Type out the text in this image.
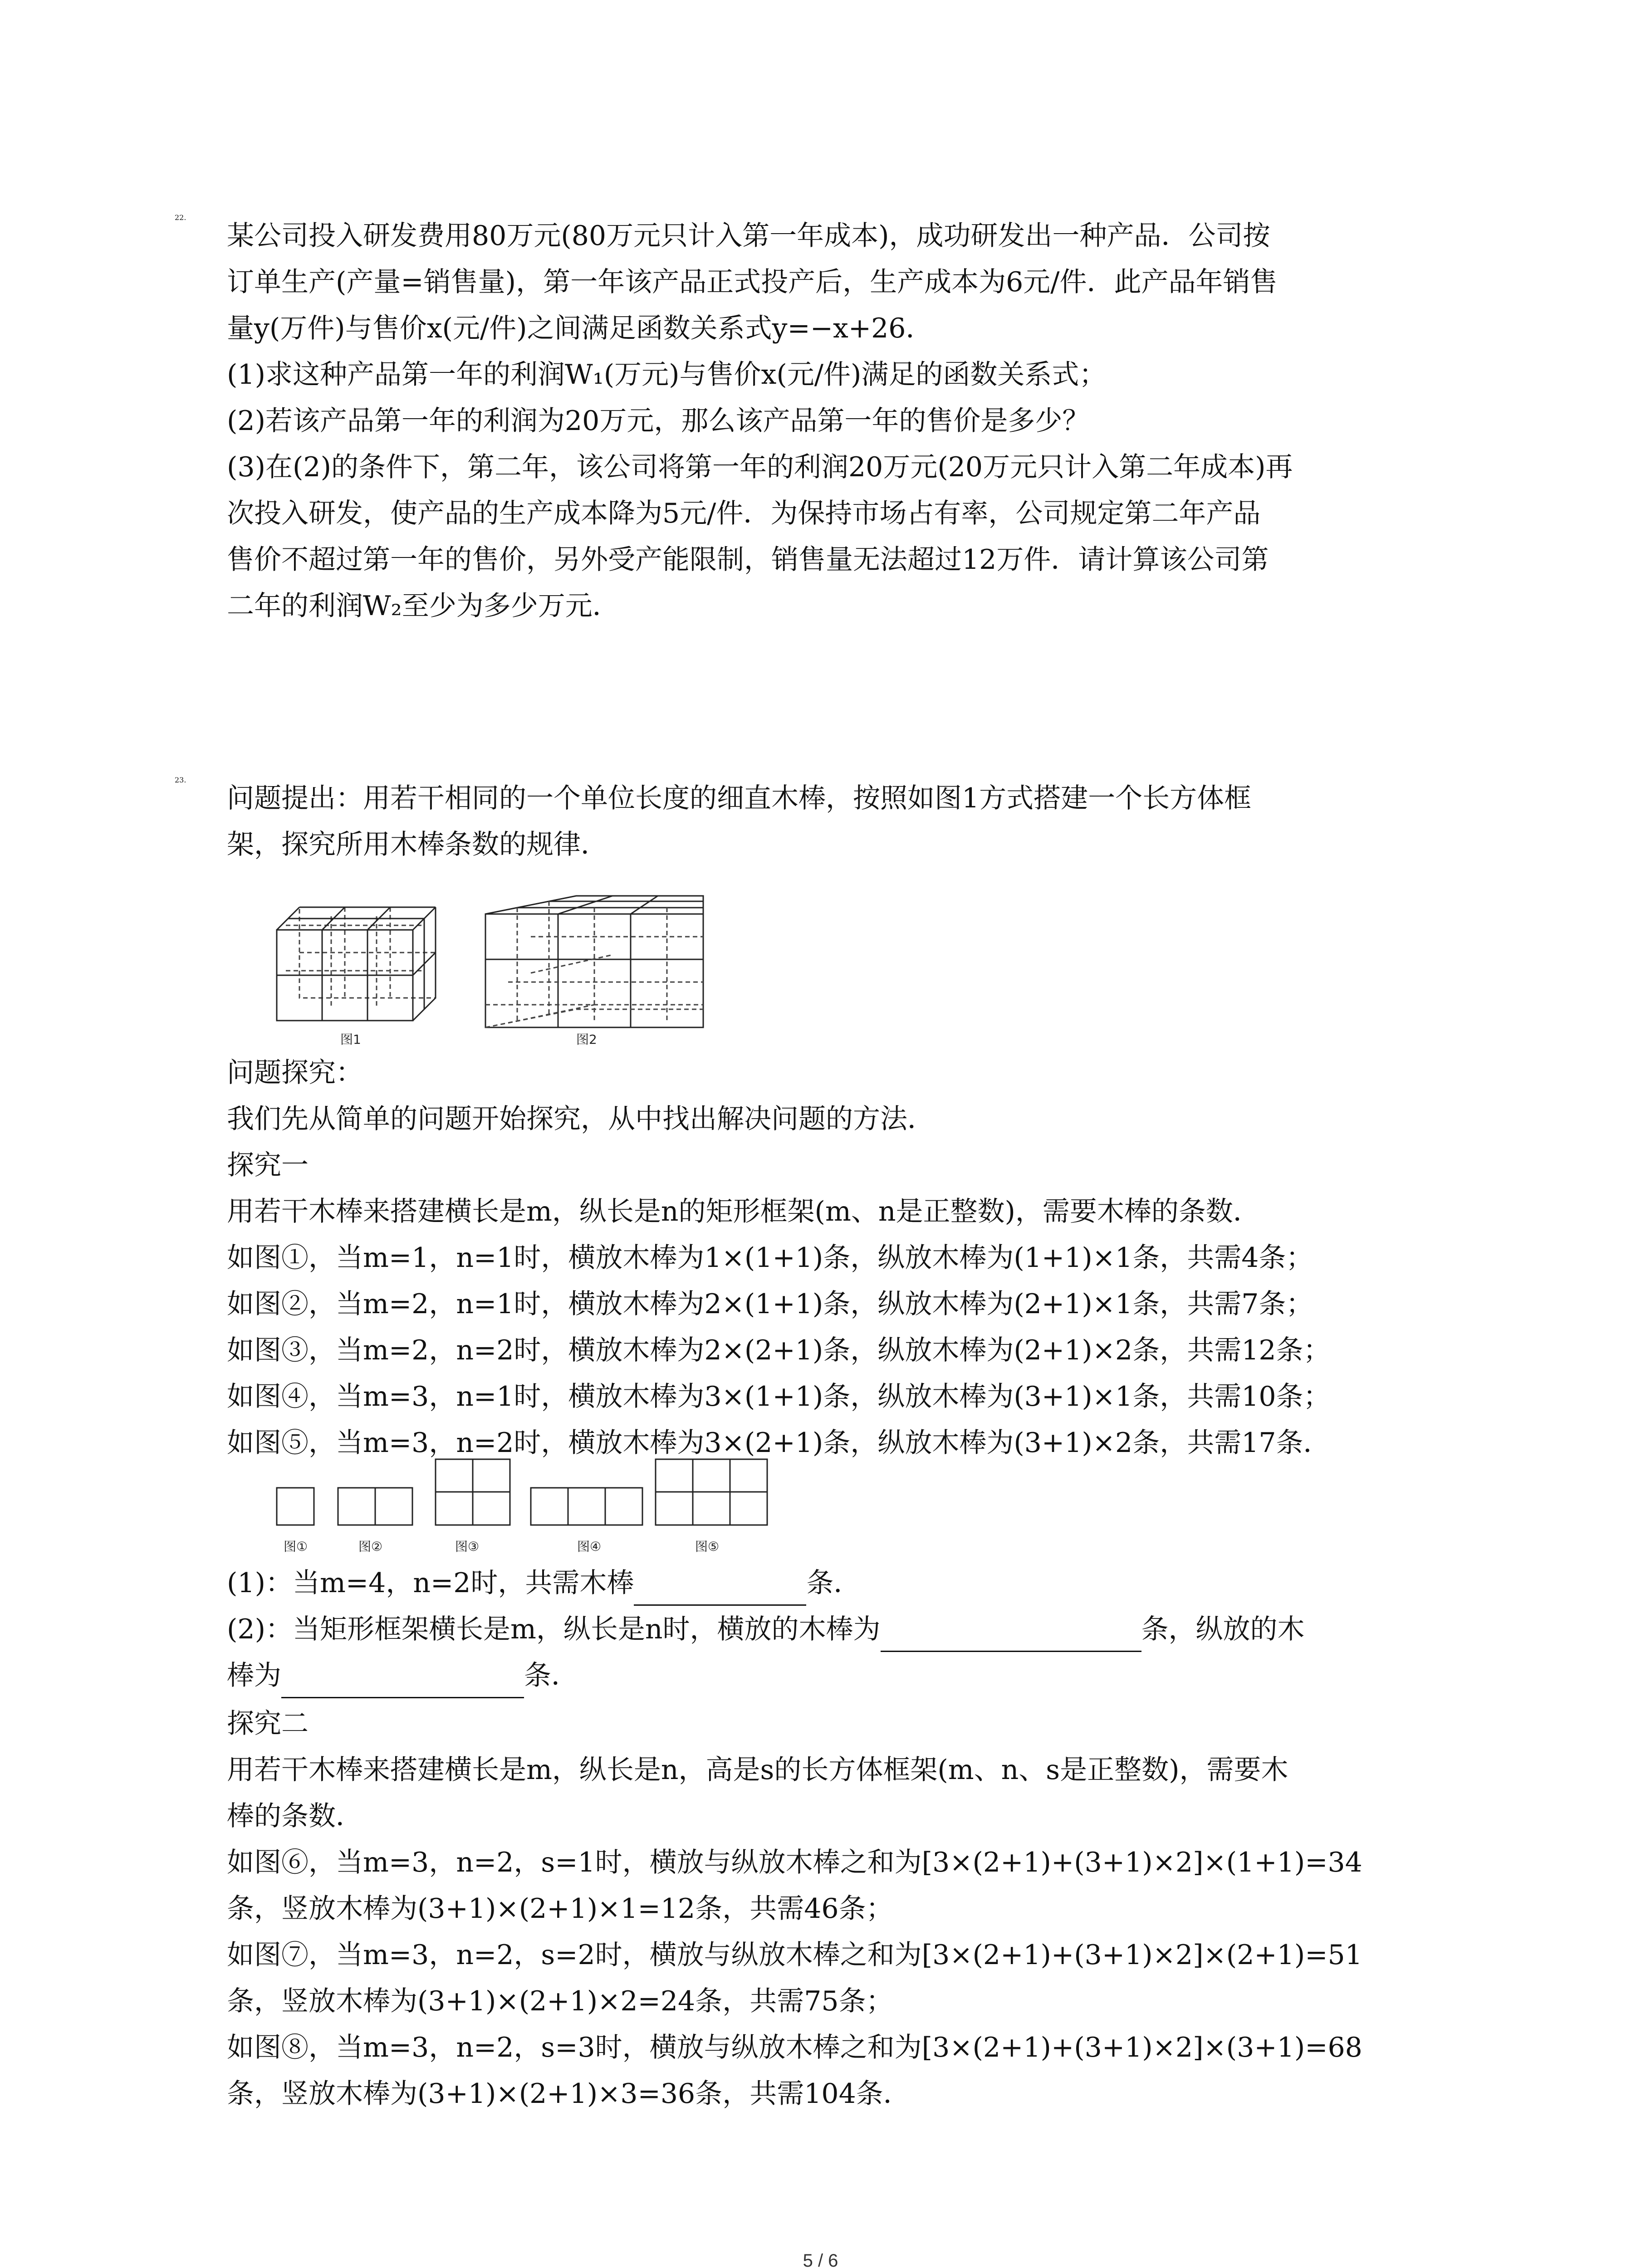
22.
某公司投入研发费用80万元(80万元只计入第一年成本)，成功研发出一种产品．公司按
订单生产(产量=销售量)，第一年该产品正式投产后，生产成本为6元/件．此产品年销售
量y(万件)与售价x(元/件)之间满足函数关系式y=−x+26．
(1)求这种产品第一年的利润W₁(万元)与售价x(元/件)满足的函数关系式；
(2)若该产品第一年的利润为20万元，那么该产品第一年的售价是多少？
(3)在(2)的条件下，第二年，该公司将第一年的利润20万元(20万元只计入第二年成本)再
次投入研发，使产品的生产成本降为5元/件．为保持市场占有率，公司规定第二年产品
售价不超过第一年的售价，另外受产能限制，销售量无法超过12万件．请计算该公司第
二年的利润W₂至少为多少万元．
23.
问题提出：用若干相同的一个单位长度的细直木棒，按照如图1方式搭建一个长方体框
架，探究所用木棒条数的规律．
图1	图2
问题探究：
我们先从简单的问题开始探究，从中找出解决问题的方法．
探究一
用若干木棒来搭建横长是m，纵长是n的矩形框架(m、n是正整数)，需要木棒的条数．
如图①，当m=1，n=1时，横放木棒为1×(1+1)条，纵放木棒为(1+1)×1条，共需4条；
如图②，当m=2，n=1时，横放木棒为2×(1+1)条，纵放木棒为(2+1)×1条，共需7条；
如图③，当m=2，n=2时，横放木棒为2×(2+1)条，纵放木棒为(2+1)×2条，共需12条；
如图④，当m=3，n=1时，横放木棒为3×(1+1)条，纵放木棒为(3+1)×1条，共需10条；
如图⑤，当m=3，n=2时，横放木棒为3×(2+1)条，纵放木棒为(3+1)×2条，共需17条．
图①	图②	图③	图④	图⑤
(1)：当m=4，n=2时，共需木棒	条．
(2)：当矩形框架横长是m，纵长是n时，横放的木棒为	条，纵放的木
棒为	条．
探究二
用若干木棒来搭建横长是m，纵长是n，高是s的长方体框架(m、n、s是正整数)，需要木
棒的条数．
如图⑥，当m=3，n=2，s=1时，横放与纵放木棒之和为[3×(2+1)+(3+1)×2]×(1+1)=34
条，竖放木棒为(3+1)×(2+1)×1=12条，共需46条；
如图⑦，当m=3，n=2，s=2时，横放与纵放木棒之和为[3×(2+1)+(3+1)×2]×(2+1)=51
条，竖放木棒为(3+1)×(2+1)×2=24条，共需75条；
如图⑧，当m=3，n=2，s=3时，横放与纵放木棒之和为[3×(2+1)+(3+1)×2]×(3+1)=68
条，竖放木棒为(3+1)×(2+1)×3=36条，共需104条．
5 / 6
